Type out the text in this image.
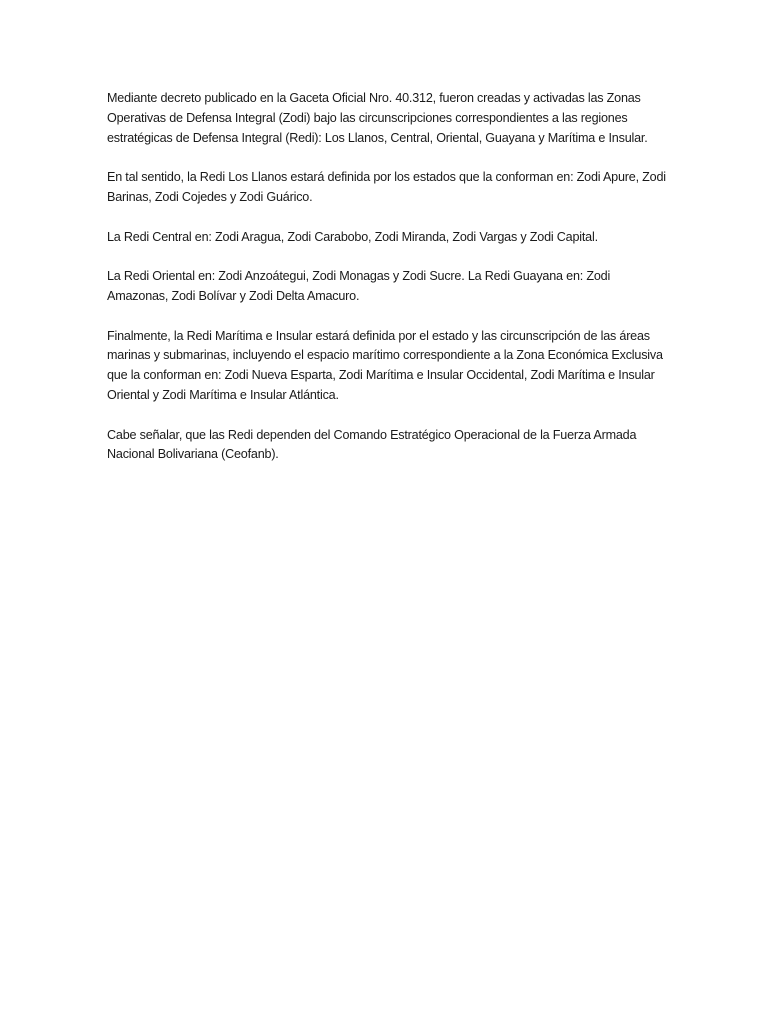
Mediante decreto publicado en la Gaceta Oficial Nro. 40.312, fueron creadas y activadas las Zonas Operativas de Defensa Integral (Zodi) bajo las circunscripciones correspondientes a las regiones estratégicas de Defensa Integral (Redi): Los Llanos, Central, Oriental, Guayana y Marítima e Insular.

En tal sentido, la Redi Los Llanos estará definida por los estados que la conforman en: Zodi Apure, Zodi Barinas, Zodi Cojedes y Zodi Guárico.

La Redi Central en: Zodi Aragua, Zodi Carabobo, Zodi Miranda, Zodi Vargas y Zodi Capital.

La Redi Oriental en: Zodi Anzoátegui, Zodi Monagas y Zodi Sucre. La Redi Guayana en: Zodi Amazonas, Zodi Bolívar y Zodi Delta Amacuro.

Finalmente, la Redi Marítima e Insular estará definida por el estado y las circunscripción de las áreas marinas y submarinas, incluyendo el espacio marítimo correspondiente a la Zona Económica Exclusiva que la conforman en: Zodi Nueva Esparta, Zodi Marítima e Insular Occidental, Zodi Marítima e Insular Oriental y Zodi Marítima e Insular Atlántica.

Cabe señalar, que las Redi dependen del Comando Estratégico Operacional de la Fuerza Armada Nacional Bolivariana (Ceofanb).
